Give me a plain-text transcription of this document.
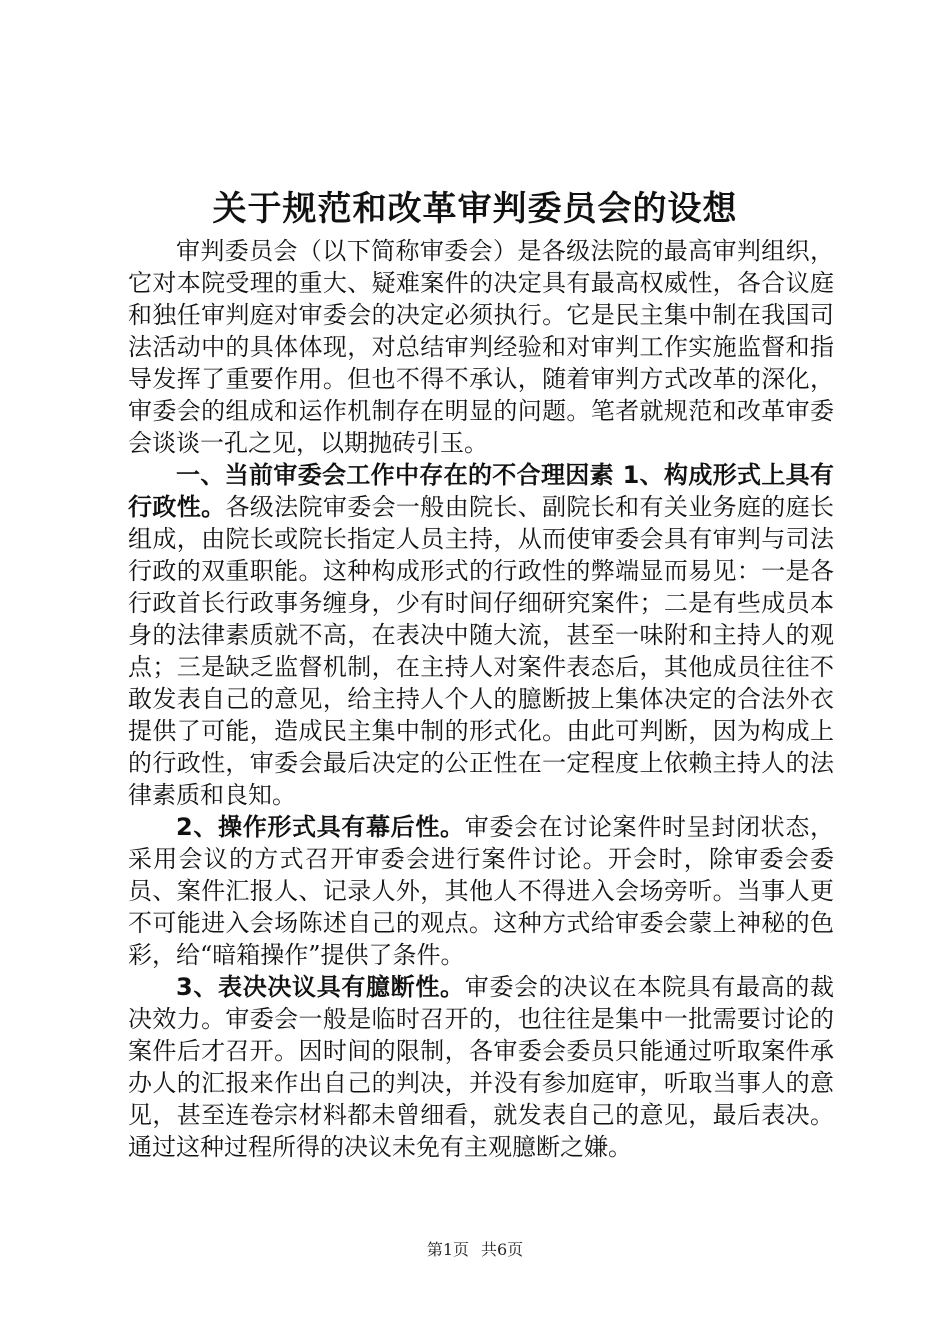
关于规范和改革审判委员会的设想

审判委员会（以下简称审委会）是各级法院的最高审判组织，它对本院受理的重大、疑难案件的决定具有最高权威性，各合议庭和独任审判庭对审委会的决定必须执行。它是民主集中制在我国司法活动中的具体体现，对总结审判经验和对审判工作实施监督和指导发挥了重要作用。但也不得不承认，随着审判方式改革的深化，审委会的组成和运作机制存在明显的问题。笔者就规范和改革审委会谈谈一孔之见，以期抛砖引玉。

一、当前审委会工作中存在的不合理因素 1、构成形式上具有行政性。各级法院审委会一般由院长、副院长和有关业务庭的庭长组成，由院长或院长指定人员主持，从而使审委会具有审判与司法行政的双重职能。这种构成形式的行政性的弊端显而易见：一是各行政首长行政事务缠身，少有时间仔细研究案件；二是有些成员本身的法律素质就不高，在表决中随大流，甚至一味附和主持人的观点；三是缺乏监督机制，在主持人对案件表态后，其他成员往往不敢发表自己的意见，给主持人个人的臆断披上集体决定的合法外衣提供了可能，造成民主集中制的形式化。由此可判断，因为构成上的行政性，审委会最后决定的公正性在一定程度上依赖主持人的法律素质和良知。

2、操作形式具有幕后性。审委会在讨论案件时呈封闭状态，采用会议的方式召开审委会进行案件讨论。开会时，除审委会委员、案件汇报人、记录人外，其他人不得进入会场旁听。当事人更不可能进入会场陈述自己的观点。这种方式给审委会蒙上神秘的色彩，给“暗箱操作”提供了条件。

3、表决决议具有臆断性。审委会的决议在本院具有最高的裁决效力。审委会一般是临时召开的，也往往是集中一批需要讨论的案件后才召开。因时间的限制，各审委会委员只能通过听取案件承办人的汇报来作出自己的判决，并没有参加庭审，听取当事人的意见，甚至连卷宗材料都未曾细看，就发表自己的意见，最后表决。通过这种过程所得的决议未免有主观臆断之嫌。

第1页 共6页
